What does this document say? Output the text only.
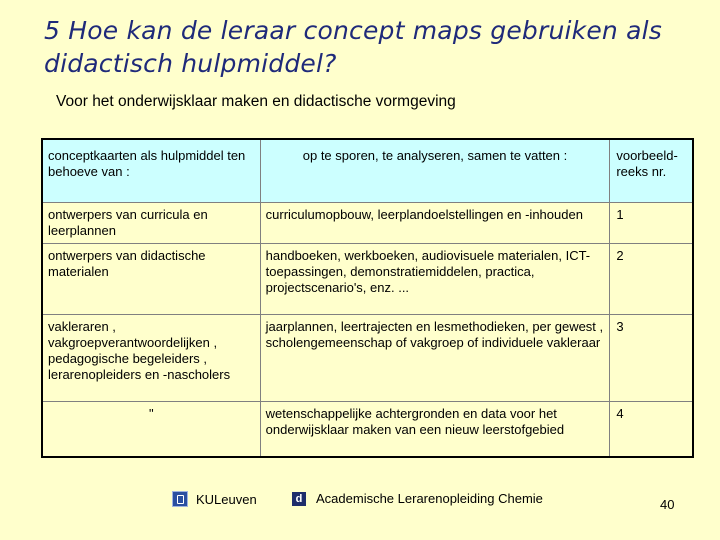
5 Hoe kan de leraar concept maps gebruiken als didactisch hulpmiddel?
Voor het onderwijsklaar maken en didactische vormgeving
conceptkaarten als hulpmiddel ten behoeve van :	op te sporen, te analyseren, samen te vatten :	voorbeeld-reeks nr.
ontwerpers van curricula en leerplannen	curriculumopbouw, leerplandoelstellingen en -inhouden	1
ontwerpers van didactische materialen	handboeken, werkboeken, audiovisuele materialen, ICT-toepassingen, demonstratiemiddelen, practica, projectscenario's, enz. ...	2
vakleraren , vakgroepverantwoordelijken , pedagogische begeleiders , lerarenopleiders en -nascholers	jaarplannen, leertrajecten en lesmethodieken, per gewest , scholengemeenschap of vakgroep of individuele vakleraar	3
"	wetenschappelijke achtergronden en data voor het onderwijsklaar maken van een nieuw leerstofgebied	4
KULeuven	d Academische Lerarenopleiding Chemie	40
